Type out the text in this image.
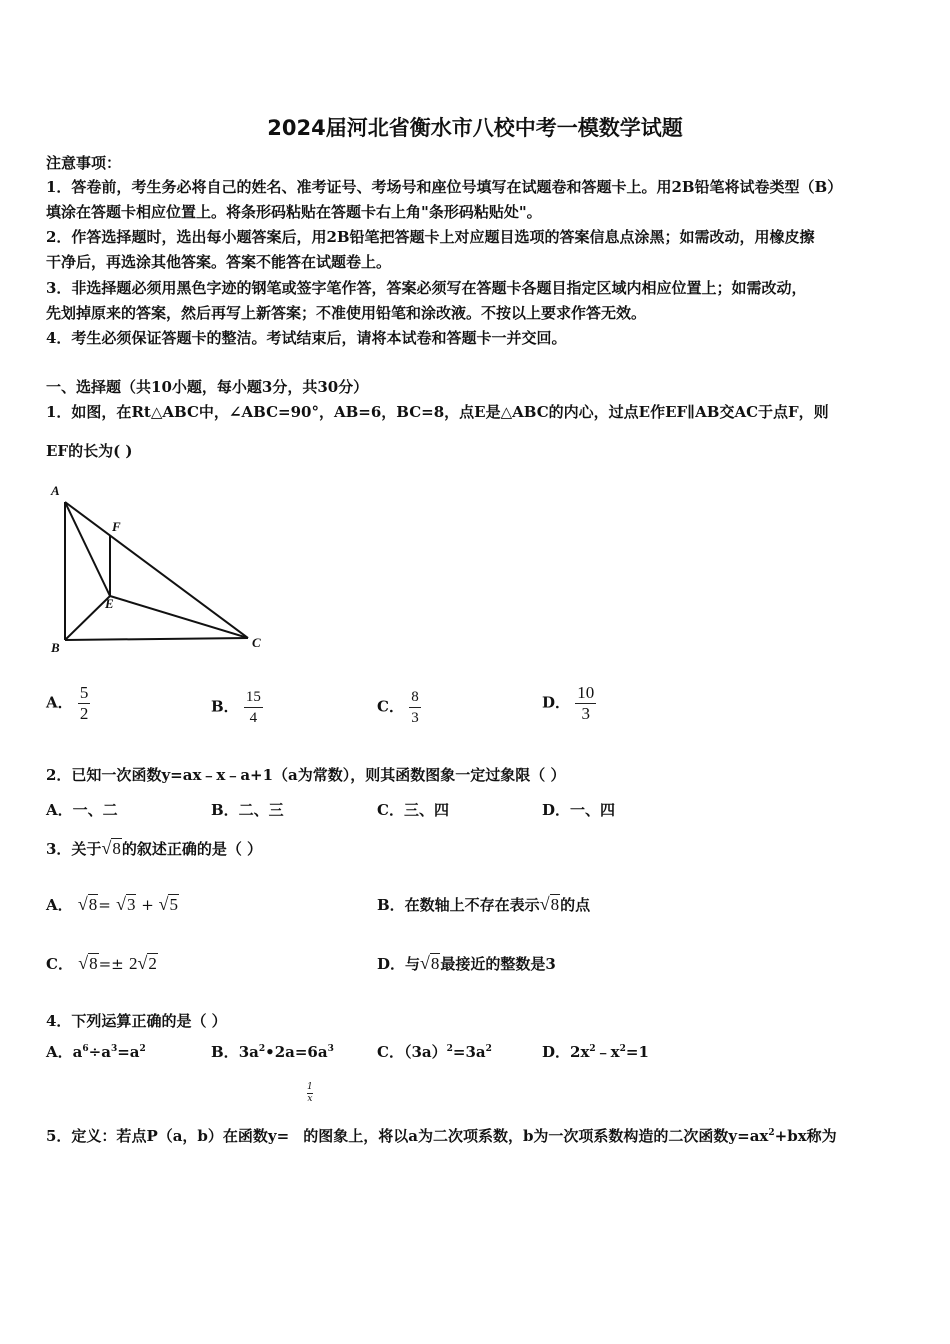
2024届河北省衡水市八校中考一模数学试题
注意事项：
1．答卷前，考生务必将自己的姓名、准考证号、考场号和座位号填写在试题卷和答题卡上。用2B铅笔将试卷类型（B）
填涂在答题卡相应位置上。将条形码粘贴在答题卡右上角"条形码粘贴处"。
2．作答选择题时，选出每小题答案后，用2B铅笔把答题卡上对应题目选项的答案信息点涂黑；如需改动，用橡皮擦
干净后，再选涂其他答案。答案不能答在试题卷上。
3．非选择题必须用黑色字迹的钢笔或签字笔作答，答案必须写在答题卡各题目指定区域内相应位置上；如需改动，
先划掉原来的答案，然后再写上新答案；不准使用铅笔和涂改液。不按以上要求作答无效。
4．考生必须保证答题卡的整洁。考试结束后，请将本试卷和答题卡一并交回。
一、选择题（共10小题，每小题3分，共30分）
1．如图，在Rt△ABC中，∠ABC=90°，AB=6，BC=8，点E是△ABC的内心，过点E作EF∥AB交AC于点F，则
EF的长为( )
A
B	C
E
F
A． $\frac{5}{2}$	B． $\frac{15}{4}$	C． $\frac{8}{3}$	D． $\frac{10}{3}$
2．已知一次函数y=ax﹣x﹣a+1（a为常数），则其函数图象一定过象限（ ）
A．一、二	B．二、三	C．三、四	D．一、四
3．关于√8的叙述正确的是（ ）
A． √8= √3 + √5	B．在数轴上不存在表示√8的点
C． √8=± 2√2	D．与√8最接近的整数是3
4．下列运算正确的是（ ）
A．$a^6\div a^3=a^2$	B．$3a^2•2a=6a^3$	C．$(3a)^2=3a^2$	D．$2x^2﹣x^2=1$
$\frac{1}{x}$
5．定义：若点P（a，b）在函数y= 的图象上，将以a为二次项系数，b为一次项系数构造的二次函数$y=ax^2+bx$称为
